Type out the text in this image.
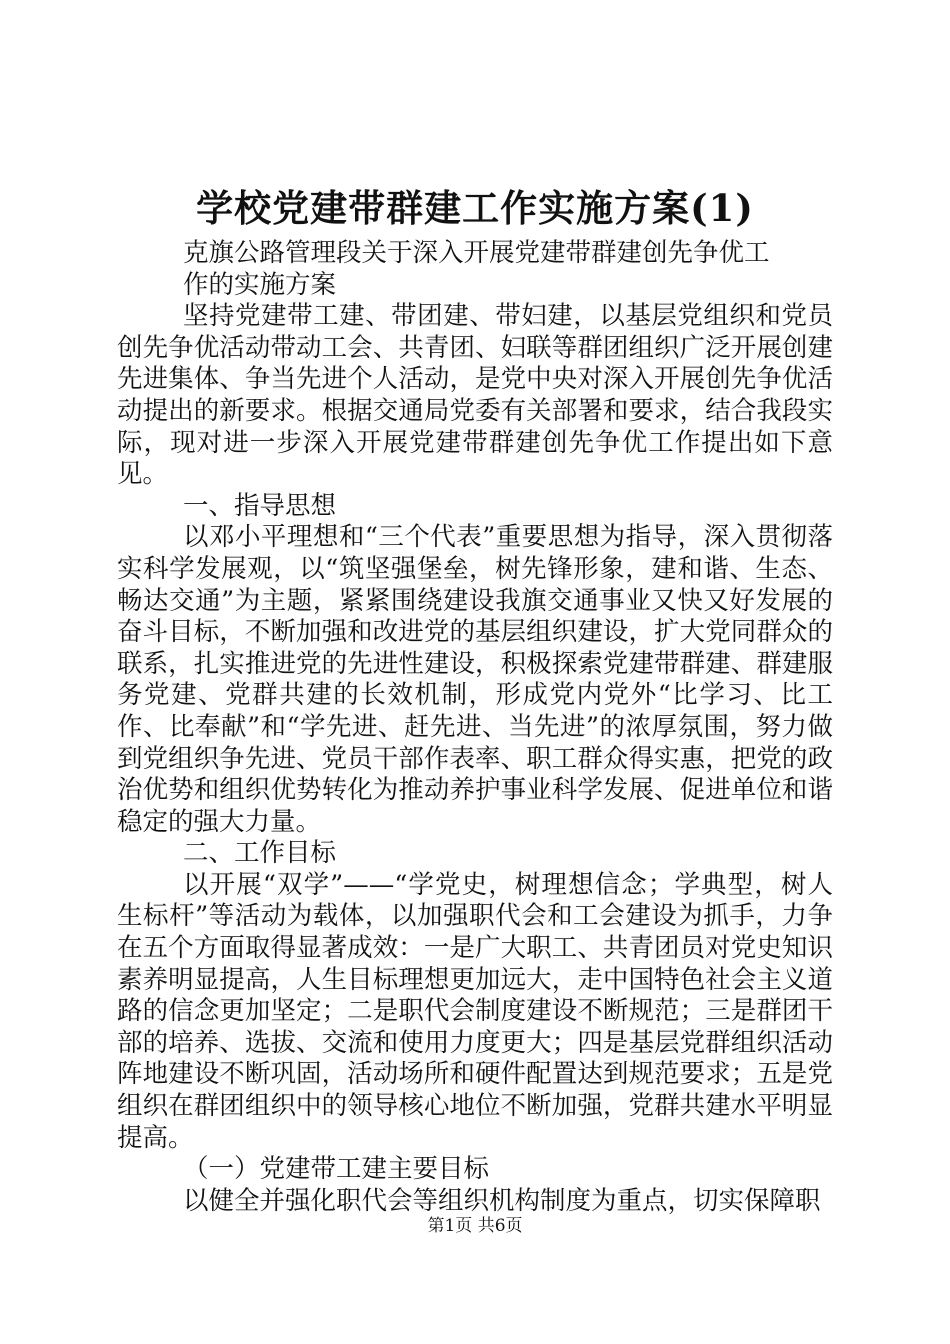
学校党建带群建工作实施方案(1)

克旗公路管理段关于深入开展党建带群建创先争优工

作的实施方案

坚持党建带工建、带团建、带妇建，以基层党组织和党员创先争优活动带动工会、共青团、妇联等群团组织广泛开展创建先进集体、争当先进个人活动，是党中央对深入开展创先争优活动提出的新要求。根据交通局党委有关部署和要求，结合我段实际，现对进一步深入开展党建带群建创先争优工作提出如下意见。

一、指导思想

以邓小平理想和“三个代表”重要思想为指导，深入贯彻落实科学发展观，以“筑坚强堡垒，树先锋形象，建和谐、生态、畅达交通”为主题，紧紧围绕建设我旗交通事业又快又好发展的奋斗目标，不断加强和改进党的基层组织建设，扩大党同群众的联系，扎实推进党的先进性建设，积极探索党建带群建、群建服务党建、党群共建的长效机制，形成党内党外“比学习、比工作、比奉献”和“学先进、赶先进、当先进”的浓厚氛围，努力做到党组织争先进、党员干部作表率、职工群众得实惠，把党的政治优势和组织优势转化为推动养护事业科学发展、促进单位和谐稳定的强大力量。

二、工作目标

以开展“双学”——“学党史，树理想信念；学典型，树人生标杆”等活动为载体，以加强职代会和工会建设为抓手，力争在五个方面取得显著成效：一是广大职工、共青团员对党史知识素养明显提高，人生目标理想更加远大，走中国特色社会主义道路的信念更加坚定；二是职代会制度建设不断规范；三是群团干部的培养、选拔、交流和使用力度更大；四是基层党群组织活动阵地建设不断巩固，活动场所和硬件配置达到规范要求；五是党组织在群团组织中的领导核心地位不断加强，党群共建水平明显提高。

（一）党建带工建主要目标

以健全并强化职代会等组织机构制度为重点，切实保障职

第1页 共6页
